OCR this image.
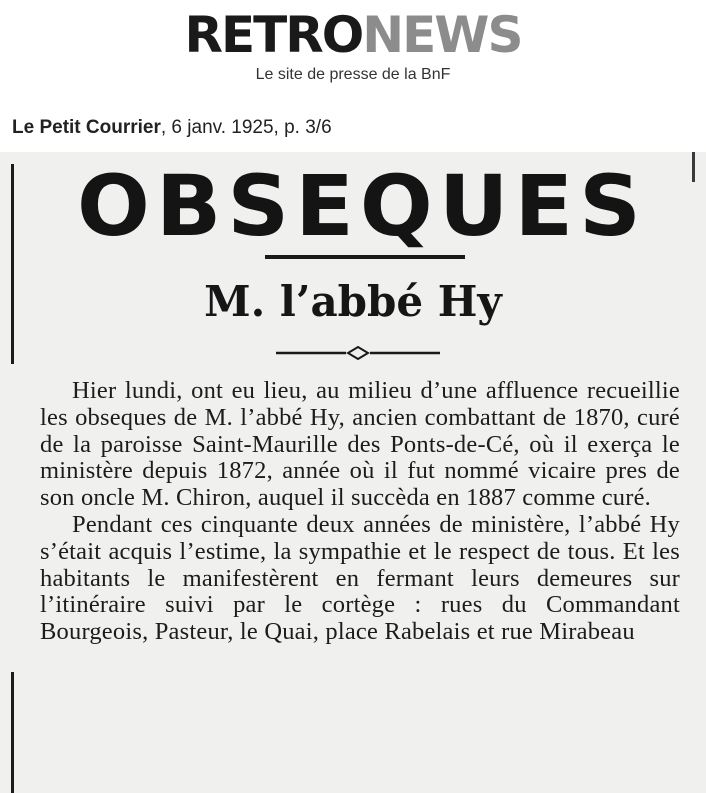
RETRONEWS
Le site de presse de la BnF
Le Petit Courrier, 6 janv. 1925, p. 3/6
OBSEQUES
M. l’abbé Hy

Hier lundi, ont eu lieu, au milieu d’une affluence recueillie les obseques de M. l’abbé Hy, ancien combattant de 1870, curé de la paroisse Saint-Maurille des Ponts-de-Cé, où il exerça le ministère depuis 1872, année où il fut nommé vicaire pres de son oncle M. Chiron, auquel il succèda en 1887 comme curé.

Pendant ces cinquante deux années de ministère, l’abbé Hy s’était acquis l’estime, la sympathie et le respect de tous. Et les habitants le manifestèrent en fermant leurs demeures sur l’itinéraire suivi par le cortège : rues du Commandant Bourgeois, Pasteur, le Quai, place Rabelais et rue Mirabeau
